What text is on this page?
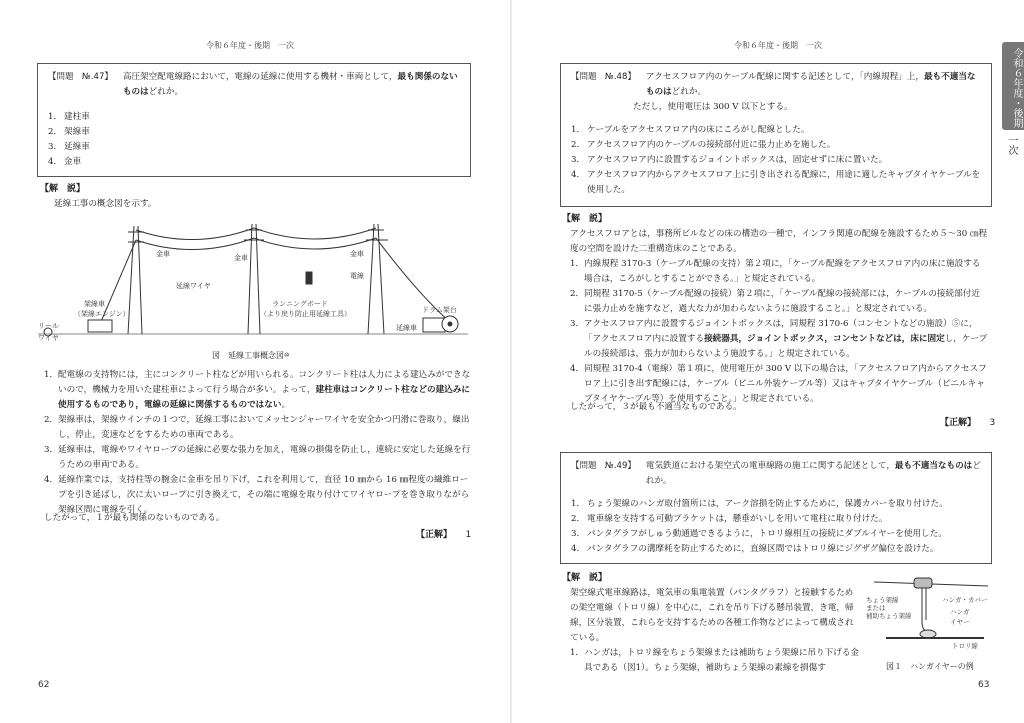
令和６年度・後期　一次
【問題　№.47】 高圧架空配電線路において，電線の延線に使用する機材・車両として，最も関係のないものはどれか。
1． 建柱車
2． 架線車
3． 延線車
4． 金車
【解　説】
延線工事の概念図を示す。
金車	金車	金車
延線ワイヤ
電線
ランニングボード
（より戻り防止用延線工具）
架線車
（架線エンジン）
リール
ワイヤ
ドラム架台
延線車
図　延線工事概念図⑩
1． 配電線の支持物には，主にコンクリート柱などが用いられる。コンクリート柱は人力による建込みができないので，機械力を用いた建柱車によって行う場合が多い。よって，建柱車はコンクリート柱などの建込みに使用するものであり，電線の延線に関係するものではない。
2． 架線車は，架線ウインチの１つで，延線工事においてメッセンジャーワイヤを安全かつ円滑に巻取り，繰出し，停止，変速などをするための車両である。
3． 延線車は，電線やワイヤロープの延線に必要な張力を加え，電線の損傷を防止し，連続に安定した延線を行うための車両である。
4． 延線作業では，支持柱等の腕金に金車を吊り下げ，これを利用して，直径 10 ㎜から 16 ㎜程度の繊維ロープを引き延ばし，次に太いロープに引き換えて，その端に電線を取り付けてワイヤロープを巻き取りながら架線区間に電線を引く。
したがって，１が最も関係のないものである。
【正解】　　 1
62
令和６年度・後期　一次
令和６年度・後期
一次
【問題　№.48】 アクセスフロア内のケーブル配線に関する記述として，「内線規程」上，最も不適当なものはどれか。
ただし，使用電圧は 300 V 以下とする。
1． ケーブルをアクセスフロア内の床にころがし配線とした。
2． アクセスフロア内のケーブルの接続部付近に張力止めを施した。
3． アクセスフロア内に設置するジョイントボックスは，固定せずに床に置いた。
4． アクセスフロア内からアクセスフロア上に引き出される配線に，用途に適したキャブタイヤケーブルを使用した。
【解　説】
アクセスフロアとは，事務所ビルなどの床の構造の一種で，インフラ関連の配線を施設するため５～30 ㎝程度の空間を設けた二重構造床のことである。
1． 内線規程 3170-3（ケーブル配線の支持）第２項に，「ケーブル配線をアクセスフロア内の床に施設する場合は，ころがしとすることができる。」と規定されている。
2． 同規程 3170-5（ケーブル配線の接続）第２項に，「ケーブル配線の接続部には，ケーブルの接続部付近に張力止めを施すなど，過大な力が加わらないように施設すること。」と規定されている。
3． アクセスフロア内に設置するジョイントボックスは，同規程 3170-6（コンセントなどの施設）⑤に，「アクセスフロア内に設置する接続器具，ジョイントボックス，コンセントなどは，床に固定し，ケーブルの接続部は，張力が加わらないよう施設する。」と規定されている。
4． 同規程 3170-4（電線）第１項に，使用電圧が 300 V 以下の場合は，「アクセスフロア内からアクセスフロア上に引き出す配線には，ケーブル（ビニル外装ケーブル等）又はキャブタイヤケーブル（ビニルキャブタイヤケーブル等）を使用すること。」と規定されている。
したがって，３が最も不適当なものである。
【正解】　　 3
【問題　№.49】 電気鉄道における架空式の電車線路の施工に関する記述として，最も不適当なものはどれか。
1． ちょう架線のハンガ取付箇所には，アーク溶損を防止するために，保護カバーを取り付けた。
2． 電車線を支持する可動ブラケットは，懸垂がいしを用いて電柱に取り付けた。
3． パンタグラフがしゅう動通過できるように，トロリ線相互の接続にダブルイヤーを使用した。
4． パンタグラフの溝摩耗を防止するために，直線区間ではトロリ線にジグザグ偏位を設けた。
【解　説】
架空線式電車線路は，電気車の集電装置（パンタグラフ）と接触するための架空電線（トロリ線）を中心に，これを吊り下げる懸吊装置，き電，帰線，区分装置，これらを支持するための各種工作物などによって構成されている。
1． ハンガは，トロリ線をちょう架線または補助ちょう架線に吊り下げる金具である（図1）。ちょう架線，補助ちょう架線の素線を損傷す
ちょう架線
または
補助ちょう架線
ハンガ・カバー
ハンガ
イヤー
トロリ線
図１　ハンガイヤーの例
63
